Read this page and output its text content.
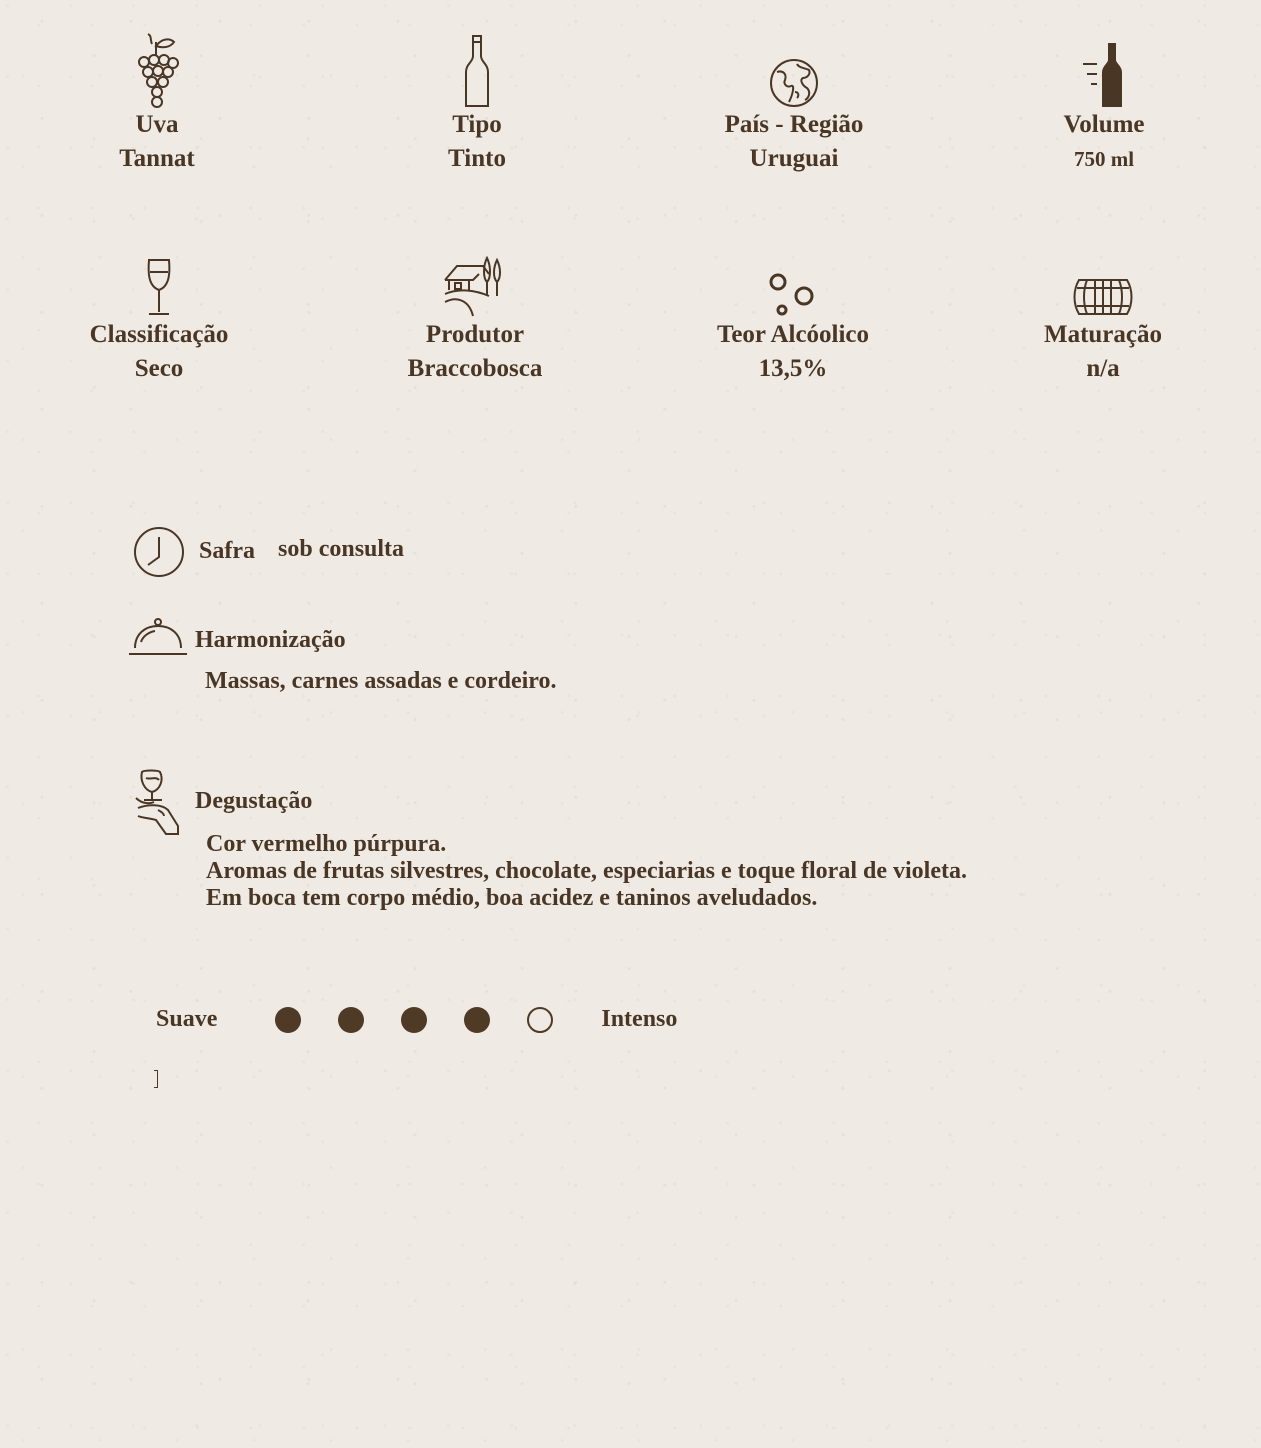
Uva
Tannat
Tipo
Tinto
País - Região
Uruguai
Volume
750 ml
Classificação
Seco
Produtor
Braccobosca
Teor Alcóolico
13,5%
Maturação
n/a
Safra sob consulta
Harmonização
Massas, carnes assadas e cordeiro.
Degustação
Cor vermelho púrpura.
Aromas de frutas silvestres, chocolate, especiarias e toque floral de violeta.
Em boca tem corpo médio, boa acidez e taninos aveludados.
Suave	Intenso
